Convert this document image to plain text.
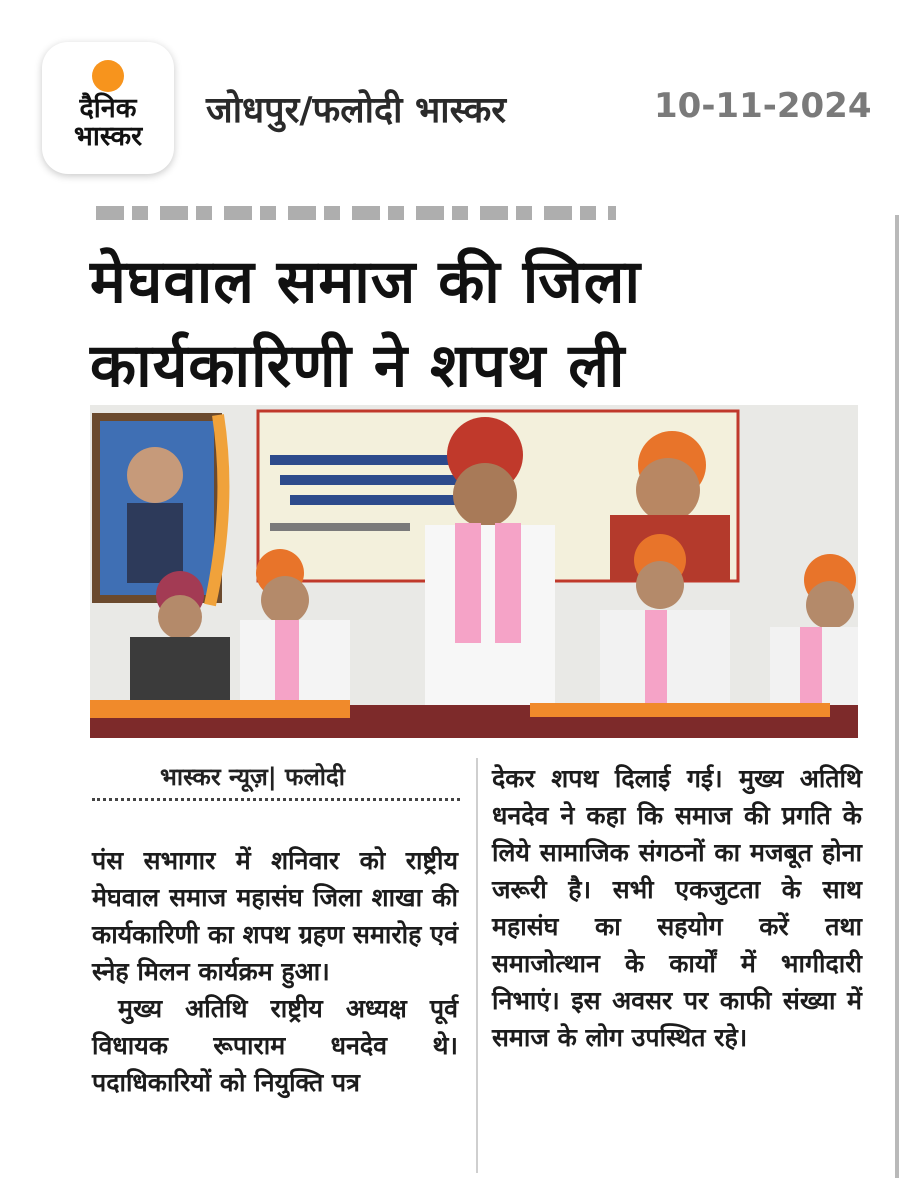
दैनिक
भास्कर
जोधपुर/फलोदी भास्कर	10-11-2024
मेघवाल समाज की जिला
कार्यकारिणी ने शपथ ली
भास्कर न्यूज़| फलोदी

पंस सभागार में शनिवार को राष्ट्रीय मेघवाल समाज महासंघ जिला शाखा की कार्यकारिणी का शपथ ग्रहण समारोह एवं स्नेह मिलन कार्यक्रम हुआ।

मुख्य अतिथि राष्ट्रीय अध्यक्ष पूर्व विधायक रूपाराम धनदेव थे। पदाधिकारियों को नियुक्ति पत्र

देकर शपथ दिलाई गई। मुख्य अतिथि धनदेव ने कहा कि समाज की प्रगति के लिये सामाजिक संगठनों का मजबूत होना जरूरी है। सभी एकजुटता के साथ महासंघ का सहयोग करें तथा समाजोत्थान के कार्यों में भागीदारी निभाएं। इस अवसर पर काफी संख्या में समाज के लोग उपस्थित रहे।
